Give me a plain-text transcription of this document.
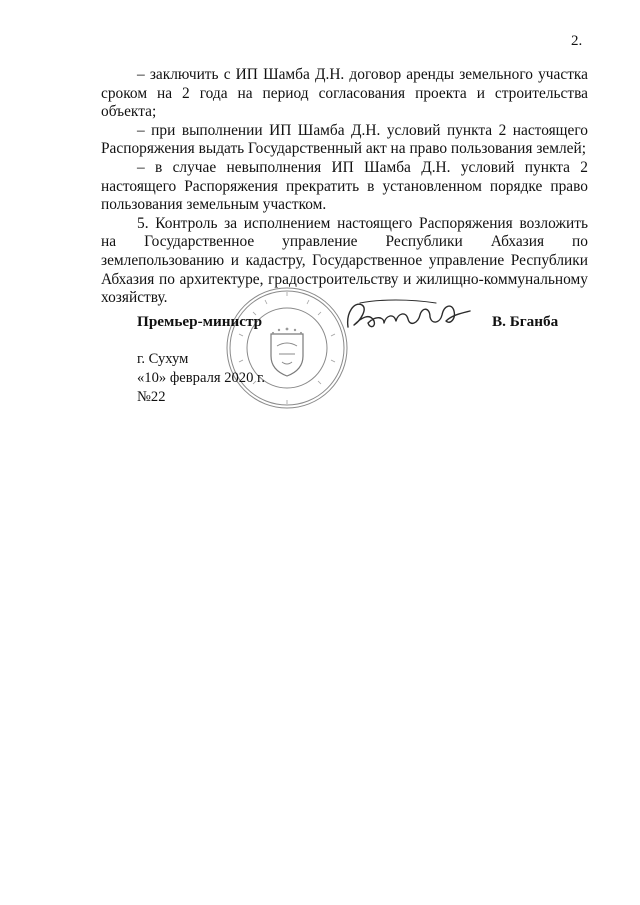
2.

– заключить с ИП Шамба Д.Н. договор аренды земельного участка сроком на 2 года на период согласования проекта и строительства объекта;

– при выполнении ИП Шамба Д.Н. условий пункта 2 настоящего Распоряжения выдать Государственный акт на право пользования землей;

– в случае невыполнения ИП Шамба Д.Н. условий пункта 2 настоящего Распоряжения прекратить в установленном порядке право пользования земельным участком.

5. Контроль за исполнением настоящего Распоряжения возложить на Государственное управление Республики Абхазия по землепользованию и кадастру, Государственное управление Республики Абхазия по архитектуре, градостроительству и жилищно-коммунальному хозяйству.

Премьер-министр	В. Бганба
г. Сухум
«10» февраля 2020 г.
№22
